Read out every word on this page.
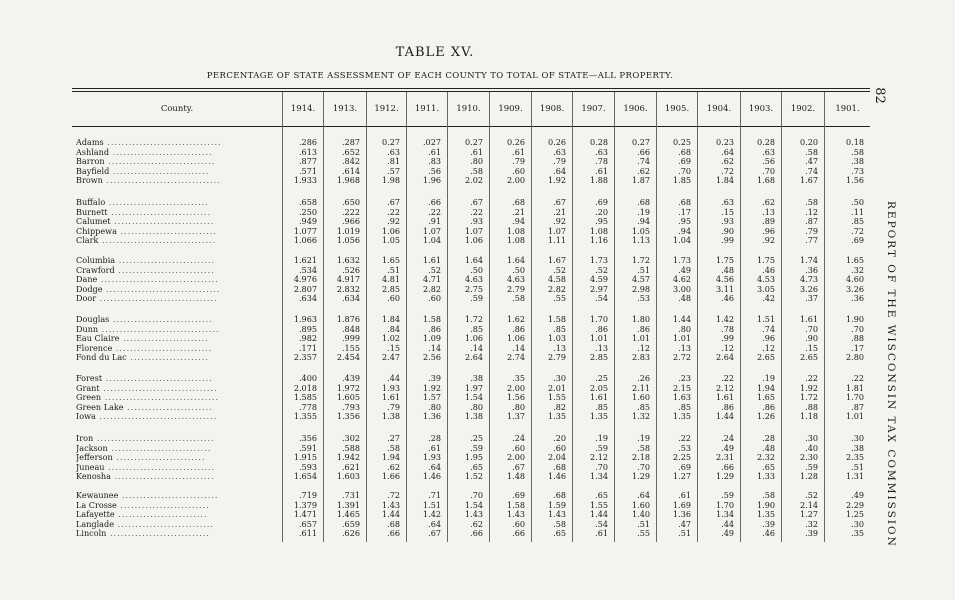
TABLE XV.
PERCENTAGE OF STATE ASSESSMENT OF EACH COUNTY TO TOTAL OF STATE—ALL PROPERTY.
County.	1914.	1913.	1912.	1911.	1910.	1909.	1908.	1907.	1906.	1905.	1904.	1903.	1902.	1901.
Adams ................................	.286	.287	0.27	.027	0.27	0.26	0.26	0.28	0.27	0.25	0.23	0.28	0.20	0.18
Ashland ............................	.613	.652	.63	.61	.61	.61	.63	.63	.66	.68	.64	.63	.58	.58
Barron ..............................	.877	.842	.81	.83	.80	.79	.79	.78	.74	.69	.62	.56	.47	.38
Bayfield ...........................	.571	.614	.57	.56	.58	.60	.64	.61	.62	.70	.72	.70	.74	.73
Brown ................................	1.933	1.968	1.98	1.96	2.02	2.00	1.92	1.88	1.87	1.85	1.84	1.68	1.67	1.56
Buffalo ............................	.658	.650	.67	.66	.67	.68	.67	.69	.68	.68	.63	.62	.58	.50
Burnett ............................	.250	.222	.22	.22	.22	.21	.21	.20	.19	.17	.15	.13	.12	.11
Calumet ............................	.949	.966	.92	.91	.93	.94	.92	.95	.94	.95	.93	.89	.87	.85
Chippewa ...........................	1.077	1.019	1.06	1.07	1.07	1.08	1.07	1.08	1.05	.94	.90	.96	.79	.72
Clark ................................	1.066	1.056	1.05	1.04	1.06	1.08	1.11	1.16	1.13	1.04	.99	.92	.77	.69
Columbia ...........................	1.621	1.632	1.65	1.61	1.64	1.64	1.67	1.73	1.72	1.73	1.75	1.75	1.74	1.65
Crawford ...........................	.534	.526	.51	.52	.50	.50	.52	.52	.51	.49	.48	.46	.36	.32
Dane .................................	4.976	4.917	4.81	4.71	4.63	4.63	4.58	4.59	4.57	4.62	4.56	4.53	4.73	4.60
Dodge ................................	2.807	2.832	2.85	2.82	2.75	2.79	2.82	2.97	2.98	3.00	3.11	3.05	3.26	3.26
Door .................................	.634	.634	.60	.60	.59	.58	.55	.54	.53	.48	.46	.42	.37	.36
Douglas ............................	1.963	1.876	1.84	1.58	1.72	1.62	1.58	1.70	1.80	1.44	1.42	1.51	1.61	1.90
Dunn .................................	.895	.848	.84	.86	.85	.86	.85	.86	.86	.80	.78	.74	.70	.70
Eau Claire ........................	.982	.999	1.02	1.09	1.06	1.06	1.03	1.01	1.01	1.01	.99	.96	.90	.88
Florence ...........................	.171	.155	.15	.14	.14	.14	.13	.13	.12	.13	.12	.12	.15	.17
Fond du Lac ......................	2.357	2.454	2.47	2.56	2.64	2.74	2.79	2.85	2.83	2.72	2.64	2.65	2.65	2.80
Forest ..............................	.400	.439	.44	.39	.38	.35	.30	.25	.26	.23	.22	.19	.22	.22
Grant ................................	2.018	1.972	1.93	1.92	1.97	2.00	2.01	2.05	2.11	2.15	2.12	1.94	1.92	1.81
Green ................................	1.585	1.605	1.61	1.57	1.54	1.56	1.55	1.61	1.60	1.63	1.61	1.65	1.72	1.70
Green Lake ........................	.778	.793	.79	.80	.80	.80	.82	.85	.85	.85	.86	.86	.88	.87
Iowa .................................	1.355	1.356	1.38	1.36	1.38	1.37	1.35	1.35	1.32	1.35	1.44	1.26	1.18	1.01
Iron .................................	.356	.302	.27	.28	.25	.24	.20	.19	.19	.22	.24	.28	.30	.30
Jackson ............................	.591	.588	.58	.61	.59	.60	.60	.59	.58	.53	.49	.48	.40	.38
Jefferson .........................	1.915	1.942	1.94	1.93	1.95	2.00	2.04	2.12	2.18	2.25	2.31	2.32	2.30	2.35
Juneau ..............................	.593	.621	.62	.64	.65	.67	.68	.70	.70	.69	.66	.65	.59	.51
Kenosha ............................	1.654	1.603	1.66	1.46	1.52	1.48	1.46	1.34	1.29	1.27	1.29	1.33	1.28	1.31
Kewaunee ...........................	.719	.731	.72	.71	.70	.69	.68	.65	.64	.61	.59	.58	.52	.49
La Crosse .........................	1.379	1.391	1.43	1.51	1.54	1.58	1.59	1.55	1.60	1.69	1.70	1.90	2.14	2.29
Lafayette .........................	1.471	1.465	1.44	1.42	1.43	1.43	1.43	1.44	1.40	1.36	1.34	1.35	1.27	1.25
Langlade ...........................	.657	.659	.68	.64	.62	.60	.58	.54	.51	.47	.44	.39	.32	.30
Lincoln ............................	.611	.626	.66	.67	.66	.66	.65	.61	.55	.51	.49	.46	.39	.35
82
REPORT OF THE WISCONSIN TAX COMMISSION
